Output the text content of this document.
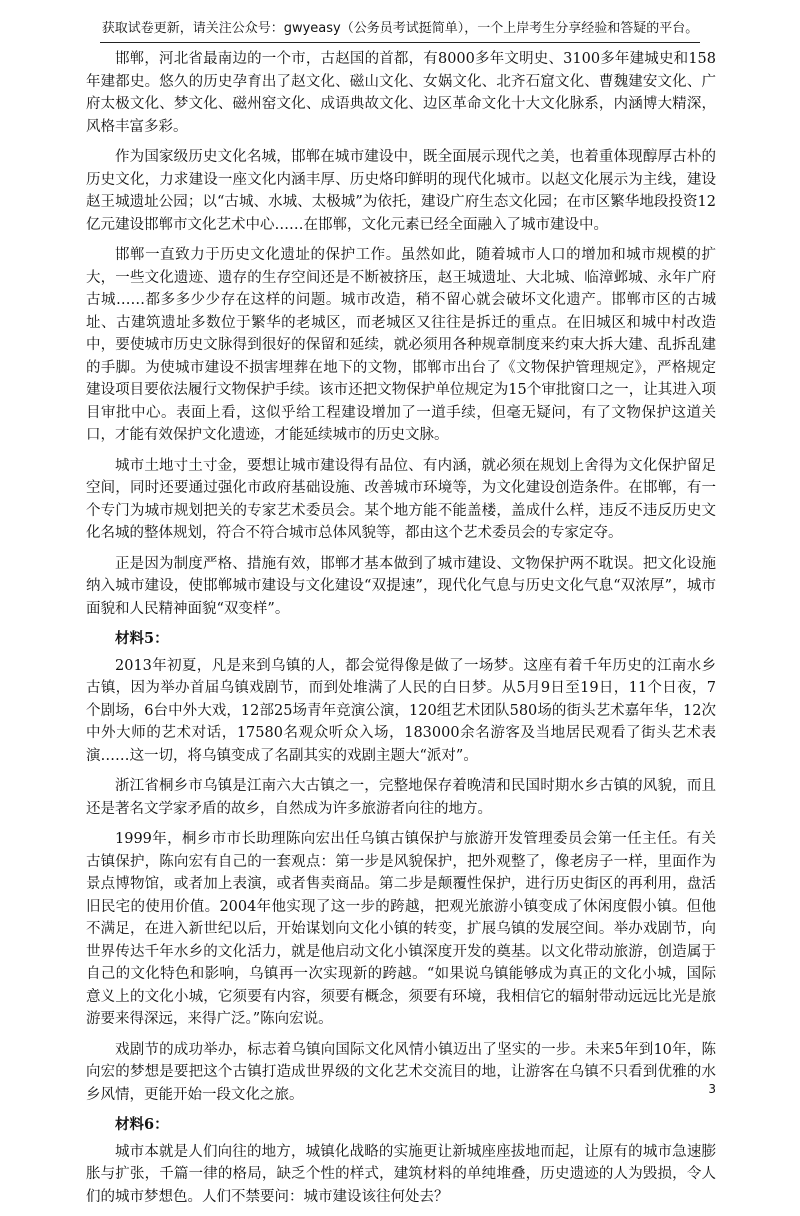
获取试卷更新，请关注公众号：gwyeasy（公务员考试挺简单），一个上岸考生分享经验和答疑的平台。

邯郸，河北省最南边的一个市，古赵国的首都，有8000多年文明史、3100多年建城史和158年建都史。悠久的历史孕育出了赵文化、磁山文化、女娲文化、北齐石窟文化、曹魏建安文化、广府太极文化、梦文化、磁州窑文化、成语典故文化、边区革命文化十大文化脉系，内涵博大精深，风格丰富多彩。

作为国家级历史文化名城，邯郸在城市建设中，既全面展示现代之美，也着重体现醇厚古朴的历史文化，力求建设一座文化内涵丰厚、历史烙印鲜明的现代化城市。以赵文化展示为主线，建设赵王城遗址公园；以“古城、水城、太极城”为依托，建设广府生态文化园；在市区繁华地段投资12亿元建设邯郸市文化艺术中心……在邯郸，文化元素已经全面融入了城市建设中。

邯郸一直致力于历史文化遗址的保护工作。虽然如此，随着城市人口的增加和城市规模的扩大，一些文化遗迹、遗存的生存空间还是不断被挤压，赵王城遗址、大北城、临漳邺城、永年广府古城……都多多少少存在这样的问题。城市改造，稍不留心就会破坏文化遗产。邯郸市区的古城址、古建筑遗址多数位于繁华的老城区，而老城区又往往是拆迁的重点。在旧城区和城中村改造中，要使城市历史文脉得到很好的保留和延续，就必须用各种规章制度来约束大拆大建、乱拆乱建的手脚。为使城市建设不损害埋葬在地下的文物，邯郸市出台了《文物保护管理规定》，严格规定建设项目要依法履行文物保护手续。该市还把文物保护单位规定为15个审批窗口之一，让其进入项目审批中心。表面上看，这似乎给工程建设增加了一道手续，但毫无疑问，有了文物保护这道关口，才能有效保护文化遗迹，才能延续城市的历史文脉。

城市土地寸土寸金，要想让城市建设得有品位、有内涵，就必须在规划上舍得为文化保护留足空间，同时还要通过强化市政府基础设施、改善城市环境等，为文化建设创造条件。在邯郸，有一个专门为城市规划把关的专家艺术委员会。某个地方能不能盖楼，盖成什么样，违反不违反历史文化名城的整体规划，符合不符合城市总体风貌等，都由这个艺术委员会的专家定夺。

正是因为制度严格、措施有效，邯郸才基本做到了城市建设、文物保护两不耽误。把文化设施纳入城市建设，使邯郸城市建设与文化建设“双提速”，现代化气息与历史文化气息“双浓厚”，城市面貌和人民精神面貌“双变样”。

材料5：

2013年初夏，凡是来到乌镇的人，都会觉得像是做了一场梦。这座有着千年历史的江南水乡古镇，因为举办首届乌镇戏剧节，而到处堆满了人民的白日梦。从5月9日至19日，11个日夜，7个剧场，6台中外大戏，12部25场青年竞演公演，120组艺术团队580场的街头艺术嘉年华，12次中外大师的艺术对话，17580名观众听众入场，183000余名游客及当地居民观看了街头艺术表演……这一切，将乌镇变成了名副其实的戏剧主题大“派对”。

浙江省桐乡市乌镇是江南六大古镇之一，完整地保存着晚清和民国时期水乡古镇的风貌，而且还是著名文学家矛盾的故乡，自然成为许多旅游者向往的地方。

1999年，桐乡市市长助理陈向宏出任乌镇古镇保护与旅游开发管理委员会第一任主任。有关古镇保护，陈向宏有自己的一套观点：第一步是风貌保护，把外观整了，像老房子一样，里面作为景点博物馆，或者加上表演，或者售卖商品。第二步是颠覆性保护，进行历史街区的再利用，盘活旧民宅的使用价值。2004年他实现了这一步的跨越，把观光旅游小镇变成了休闲度假小镇。但他不满足，在进入新世纪以后，开始谋划向文化小镇的转变，扩展乌镇的发展空间。举办戏剧节，向世界传达千年水乡的文化活力，就是他启动文化小镇深度开发的奠基。以文化带动旅游，创造属于自己的文化特色和影响，乌镇再一次实现新的跨越。“如果说乌镇能够成为真正的文化小城，国际意义上的文化小城，它须要有内容，须要有概念，须要有环境，我相信它的辐射带动远远比光是旅游要来得深远，来得广泛。”陈向宏说。

戏剧节的成功举办，标志着乌镇向国际文化风情小镇迈出了坚实的一步。未来5年到10年，陈向宏的梦想是要把这个古镇打造成世界级的文化艺术交流目的地，让游客在乌镇不只看到优雅的水乡风情，更能开始一段文化之旅。

材料6：

城市本就是人们向往的地方，城镇化战略的实施更让新城座座拔地而起，让原有的城市急速膨胀与扩张，千篇一律的格局，缺乏个性的样式，建筑材料的单纯堆叠，历史遗迹的人为毁损，令人们的城市梦想色。人们不禁要问：城市建设该往何处去？

3
